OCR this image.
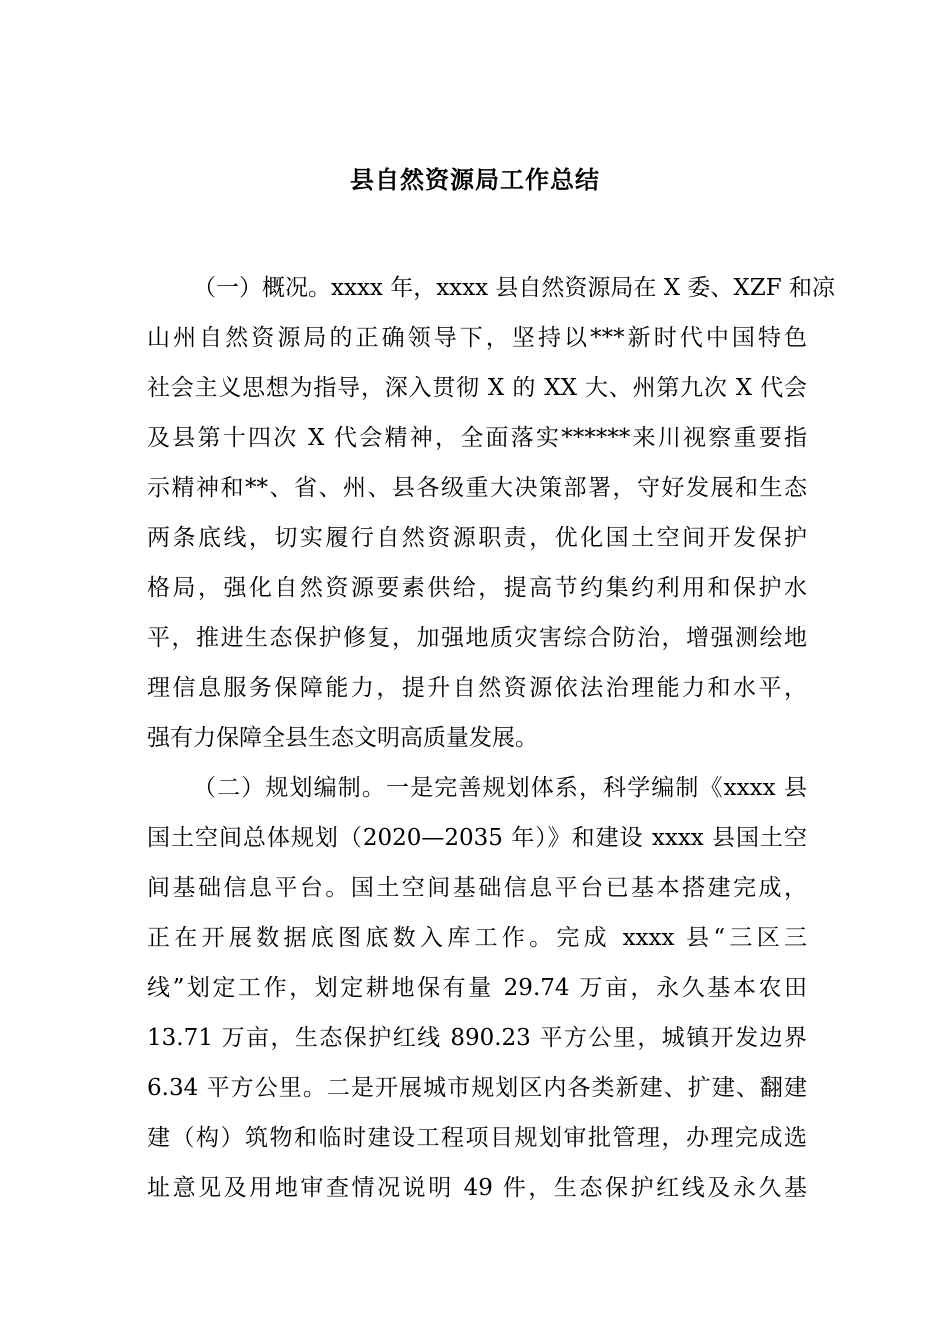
县自然资源局工作总结
（一）概况。xxxx 年，xxxx 县自然资源局在 X 委、XZF 和凉
山州自然资源局的正确领导下，坚持以***新时代中国特色
社会主义思想为指导，深入贯彻 X 的 XX 大、州第九次 X 代会
及县第十四次 X 代会精神，全面落实******来川视察重要指
示精神和**、省、州、县各级重大决策部署，守好发展和生态
两条底线，切实履行自然资源职责，优化国土空间开发保护
格局，强化自然资源要素供给，提高节约集约利用和保护水
平，推进生态保护修复，加强地质灾害综合防治，增强测绘地
理信息服务保障能力，提升自然资源依法治理能力和水平，
强有力保障全县生态文明高质量发展。
（二）规划编制。一是完善规划体系，科学编制《xxxx 县
国土空间总体规划（2020—2035 年）》和建设 xxxx 县国土空
间基础信息平台。国土空间基础信息平台已基本搭建完成，
正在开展数据底图底数入库工作。完成 xxxx 县“三区三
线”划定工作，划定耕地保有量 29.74 万亩，永久基本农田
13.71 万亩，生态保护红线 890.23 平方公里，城镇开发边界
6.34 平方公里。二是开展城市规划区内各类新建、扩建、翻建
建（构）筑物和临时建设工程项目规划审批管理，办理完成选
址意见及用地审查情况说明 49 件，生态保护红线及永久基
